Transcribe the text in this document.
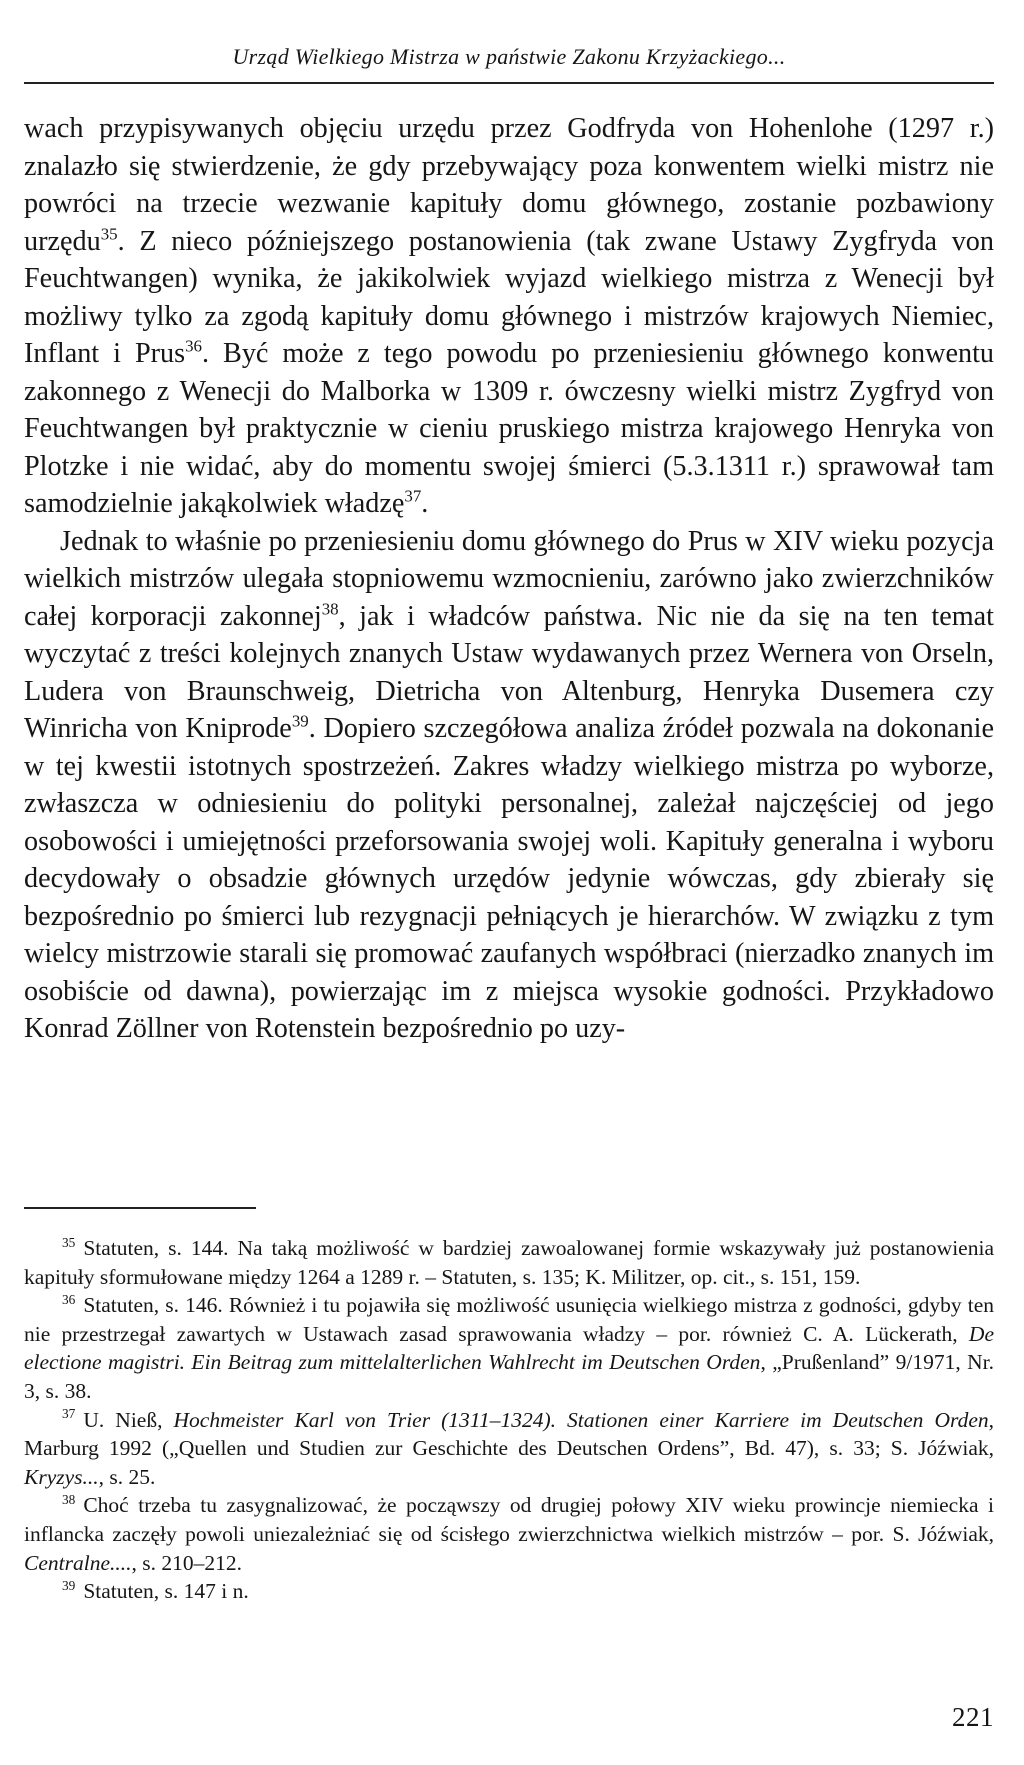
Urząd Wielkiego Mistrza w państwie Zakonu Krzyżackiego...

wach przypisywanych objęciu urzędu przez Godfryda von Hohenlohe (1297 r.) znalazło się stwierdzenie, że gdy przebywający poza konwentem wielki mistrz nie powróci na trzecie wezwanie kapituły domu głównego, zostanie pozbawiony urzędu$^{35}$. Z nieco późniejszego postanowienia (tak zwane Ustawy Zygfryda von Feuchtwangen) wynika, że jakikolwiek wyjazd wielkiego mistrza z Wenecji był możliwy tylko za zgodą kapituły domu głównego i mistrzów krajowych Niemiec, Inflant i Prus$^{36}$. Być może z tego powodu po przeniesieniu głównego konwentu zakonnego z Wenecji do Malborka w 1309 r. ówczesny wielki mistrz Zygfryd von Feuchtwangen był praktycznie w cieniu pruskiego mistrza krajowego Henryka von Plotzke i nie widać, aby do momentu swojej śmierci (5.3.1311 r.) sprawował tam samodzielnie jakąkolwiek władzę$^{37}$.

Jednak to właśnie po przeniesieniu domu głównego do Prus w XIV wieku pozycja wielkich mistrzów ulegała stopniowemu wzmocnieniu, zarówno jako zwierzchników całej korporacji zakonnej$^{38}$, jak i władców państwa. Nic nie da się na ten temat wyczytać z treści kolejnych znanych Ustaw wydawanych przez Wernera von Orseln, Ludera von Braunschweig, Dietricha von Altenburg, Henryka Dusemera czy Winricha von Kniprode$^{39}$. Dopiero szczegółowa analiza źródeł pozwala na dokonanie w tej kwestii istotnych spostrzeżeń. Zakres władzy wielkiego mistrza po wyborze, zwłaszcza w odniesieniu do polityki personalnej, zależał najczęściej od jego osobowości i umiejętności przeforsowania swojej woli. Kapituły generalna i wyboru decydowały o obsadzie głównych urzędów jedynie wówczas, gdy zbierały się bezpośrednio po śmierci lub rezygnacji pełniących je hierarchów. W związku z tym wielcy mistrzowie starali się promować zaufanych współbraci (nierzadko znanych im osobiście od dawna), powierzając im z miejsca wysokie godności. Przykładowo Konrad Zöllner von Rotenstein bezpośrednio po uzy-

$^{35}$ Statuten, s. 144. Na taką możliwość w bardziej zawoalowanej formie wskazywały już postanowienia kapituły sformułowane między 1264 a 1289 r. – Statuten, s. 135; K. Militzer, op. cit., s. 151, 159.

$^{36}$ Statuten, s. 146. Również i tu pojawiła się możliwość usunięcia wielkiego mistrza z godności, gdyby ten nie przestrzegał zawartych w Ustawach zasad sprawowania władzy – por. również C. A. Lückerath, De electione magistri. Ein Beitrag zum mittelalterlichen Wahlrecht im Deutschen Orden, „Prußenland” 9/1971, Nr. 3, s. 38.

$^{37}$ U. Nieß, Hochmeister Karl von Trier (1311–1324). Stationen einer Karriere im Deutschen Orden, Marburg 1992 („Quellen und Studien zur Geschichte des Deutschen Ordens”, Bd. 47), s. 33; S. Jóźwiak, Kryzys..., s. 25.

$^{38}$ Choć trzeba tu zasygnalizować, że począwszy od drugiej połowy XIV wieku prowincje niemiecka i inflancka zaczęły powoli uniezależniać się od ścisłego zwierzchnictwa wielkich mistrzów – por. S. Jóźwiak, Centralne...., s. 210–212.

$^{39}$ Statuten, s. 147 i n.

221
